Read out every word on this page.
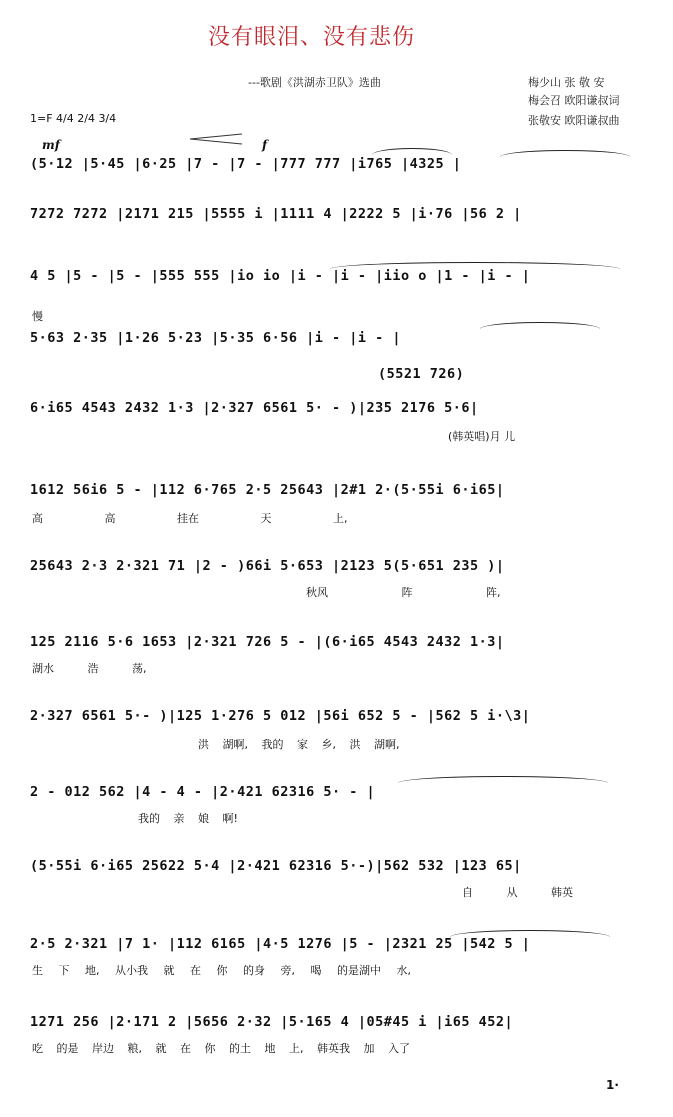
没有眼泪、没有悲伤
---歌剧《洪湖赤卫队》选曲	梅少山 张 敬 安
梅会召 欧阳谦叔词
张敬安 欧阳谦叔曲
1=F 4/4 2/4 3/4
mf	f
慢
(5·12 |5·45 |6·25 |7 - |7 - |777 777 |i765 |4325 |
7272 7272 |2171 215 |5555 i |1111 4 |2222 5 |i·76 |56 2 |
4 5 |5 - |5 - |555 555 |io io |i - |i - |iio o |1 - |i - |
5·63 2·35 |1·26 5·23 |5·35 6·56 |i - |i - |
(5521 726)
6·i65 4543 2432 1·3 |2·327 6561 5· - )|235 2176 5·6|
1612 56i6 5 - |112 6·765 2·5 25643 |2#1 2·(5·55i 6·i65|
25643 2·3 2·321 71 |2 - )66i 5·653 |2123 5(5·651 235 )|
125 2116 5·6 1653 |2·321 726 5 - |(6·i65 4543 2432 1·3|
2·327 6561 5·- )|125 1·276 5 012 |56i 652 5 - |562 5 i·\3|
2 - 012 562 |4 - 4 - |2·421 62316 5· - |
(5·55i 6·i65 25622 5·4 |2·421 62316 5·-)|562 532 |123 65|
2·5 2·321 |7 1· |112 6165 |4·5 1276 |5 - |2321 25 |542 5 |
1271 256 |2·171 2 |5656 2·32 |5·165 4 |05#45 i |i65 452|
(韩英唱)月 儿
高 高 挂在 天 上,
秋风 阵 阵,
湖水 浩 荡,
洪 湖啊, 我的 家 乡, 洪 湖啊,
我的 亲 娘 啊!
自 从 韩英
生 下 地, 从小我 就 在 你 的身 旁, 喝 的是湖中 水,
吃 的是 岸边 粮, 就 在 你 的土 地 上, 韩英我 加 入了
1·
